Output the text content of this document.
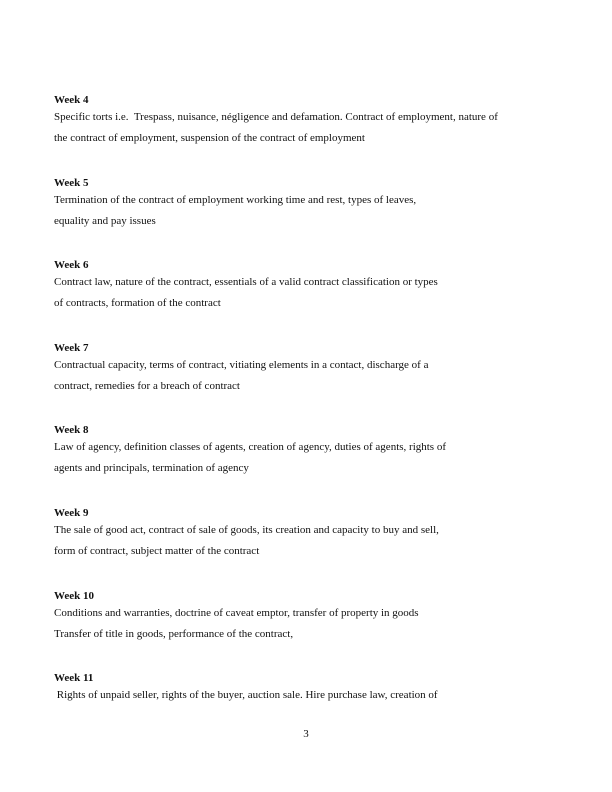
Week 4
Specific torts i.e.  Trespass, nuisance, négligence and defamation. Contract of employment, nature of
the contract of employment, suspension of the contract of employment
Week 5
Termination of the contract of employment working time and rest, types of leaves,
equality and pay issues
Week 6
Contract law, nature of the contract, essentials of a valid contract classification or types
of contracts, formation of the contract
Week 7
Contractual capacity, terms of contract, vitiating elements in a contact, discharge of a
contract, remedies for a breach of contract
Week 8
Law of agency, definition classes of agents, creation of agency, duties of agents, rights of
agents and principals, termination of agency
Week 9
The sale of good act, contract of sale of goods, its creation and capacity to buy and sell,
form of contract, subject matter of the contract
Week 10
Conditions and warranties, doctrine of caveat emptor, transfer of property in goods
Transfer of title in goods, performance of the contract,
Week 11
Rights of unpaid seller, rights of the buyer, auction sale. Hire purchase law, creation of
3
